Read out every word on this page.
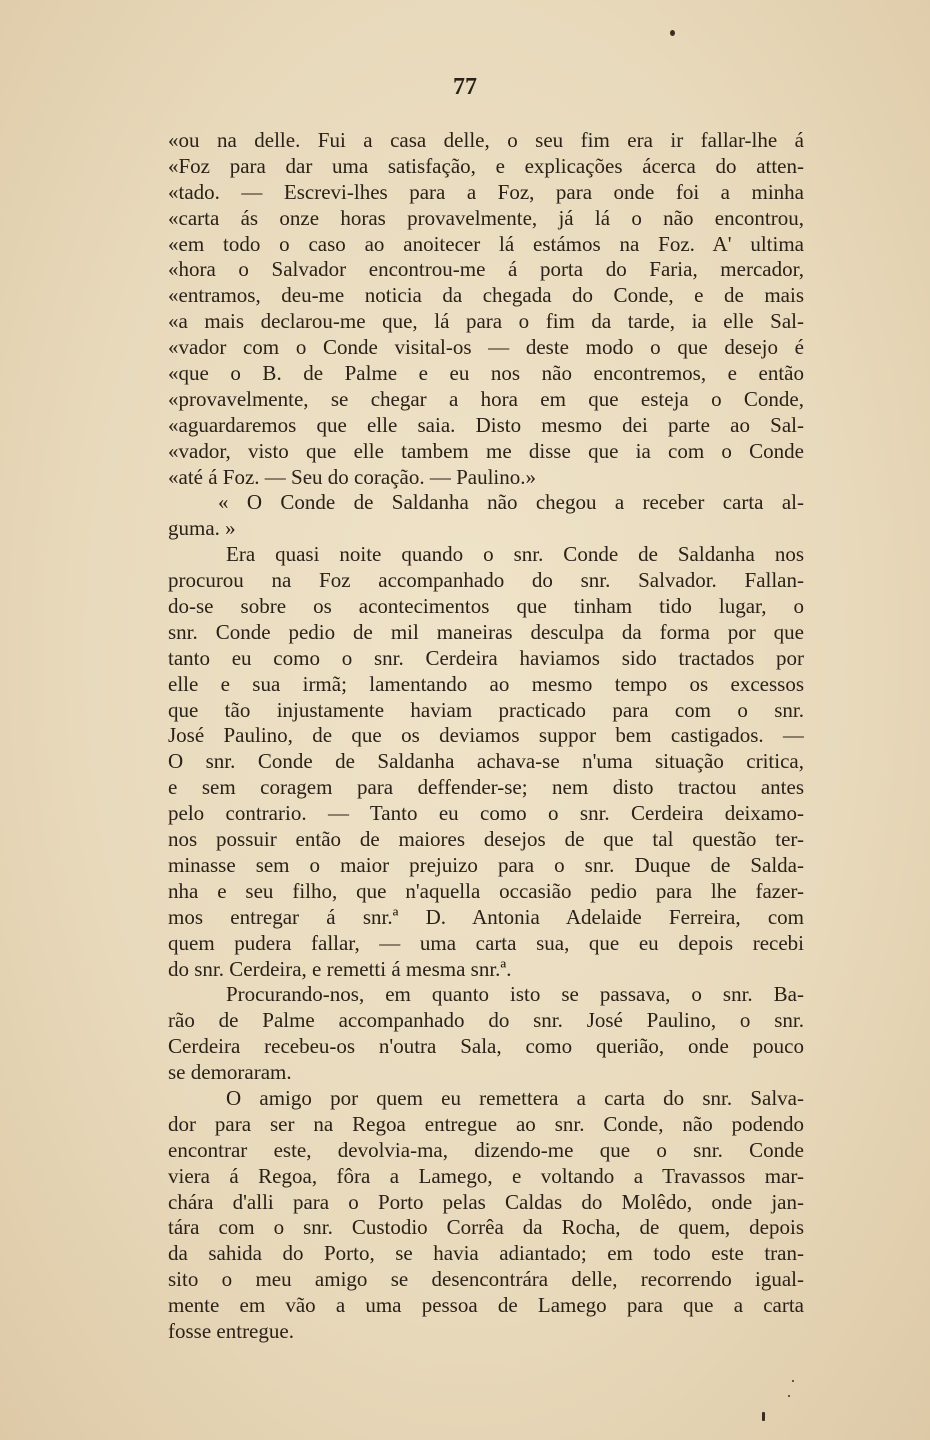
77
«ou na delle. Fui a casa delle, o seu fim era ir fallar-lhe á
«Foz para dar uma satisfação, e explicações ácerca do atten-
«tado. — Escrevi-lhes para a Foz, para onde foi a minha
«carta ás onze horas provavelmente, já lá o não encontrou,
«em todo o caso ao anoitecer lá estámos na Foz. A' ultima
«hora o Salvador encontrou-me á porta do Faria, mercador,
«entramos, deu-me noticia da chegada do Conde, e de mais
«a mais declarou-me que, lá para o fim da tarde, ia elle Sal-
«vador com o Conde visital-os — deste modo o que desejo é
«que o B. de Palme e eu nos não encontremos, e então
«provavelmente, se chegar a hora em que esteja o Conde,
«aguardaremos que elle saia. Disto mesmo dei parte ao Sal-
«vador, visto que elle tambem me disse que ia com o Conde
«até á Foz. — Seu do coração. — Paulino.»
« O Conde de Saldanha não chegou a receber carta al-
guma. »
Era quasi noite quando o snr. Conde de Saldanha nos
procurou na Foz accompanhado do snr. Salvador. Fallan-
do-se sobre os acontecimentos que tinham tido lugar, o
snr. Conde pedio de mil maneiras desculpa da forma por que
tanto eu como o snr. Cerdeira haviamos sido tractados por
elle e sua irmã; lamentando ao mesmo tempo os excessos
que tão injustamente haviam practicado para com o snr.
José Paulino, de que os deviamos suppor bem castigados. —
O snr. Conde de Saldanha achava-se n'uma situação critica,
e sem coragem para deffender-se; nem disto tractou antes
pelo contrario. — Tanto eu como o snr. Cerdeira deixamo-
nos possuir então de maiores desejos de que tal questão ter-
minasse sem o maior prejuizo para o snr. Duque de Salda-
nha e seu filho, que n'aquella occasião pedio para lhe fazer-
mos entregar á snr.ª D. Antonia Adelaide Ferreira, com
quem pudera fallar, — uma carta sua, que eu depois recebi
do snr. Cerdeira, e remetti á mesma snr.ª.
Procurando-nos, em quanto isto se passava, o snr. Ba-
rão de Palme accompanhado do snr. José Paulino, o snr.
Cerdeira recebeu-os n'outra Sala, como querião, onde pouco
se demoraram.
O amigo por quem eu remettera a carta do snr. Salva-
dor para ser na Regoa entregue ao snr. Conde, não podendo
encontrar este, devolvia-ma, dizendo-me que o snr. Conde
viera á Regoa, fôra a Lamego, e voltando a Travassos mar-
chára d'alli para o Porto pelas Caldas do Molêdo, onde jan-
tára com o snr. Custodio Corrêa da Rocha, de quem, depois
da sahida do Porto, se havia adiantado; em todo este tran-
sito o meu amigo se desencontrára delle, recorrendo igual-
mente em vão a uma pessoa de Lamego para que a carta
fosse entregue.
